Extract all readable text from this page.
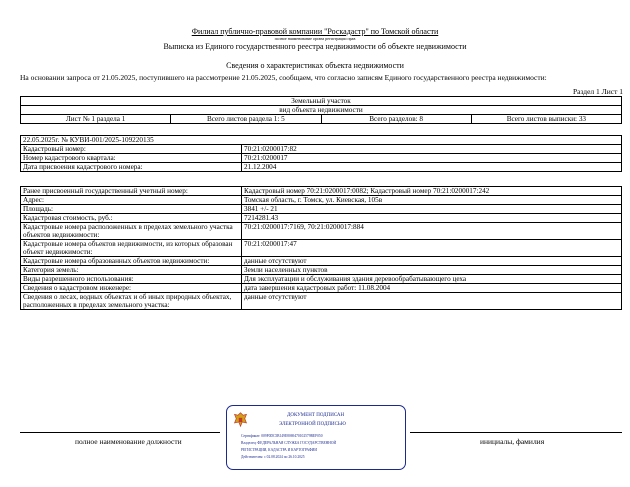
Филиал публично-правовой компании "Роскадастр" по Томской области
полное наименование органа регистрации прав
Выписка из Единого государственного реестра недвижимости об объекте недвижимости
Сведения о характеристиках объекта недвижимости
На основании запроса от 21.05.2025, поступившего на рассмотрение 21.05.2025, сообщаем, что согласно записям Единого государственного реестра недвижимости:
Раздел 1 Лист 1
Земельный участок
вид объекта недвижимости
Лист № 1 раздела 1	Всего листов раздела 1: 5	Всего разделов: 8	Всего листов выписки: 33
22.05.2025г. № КУВИ-001/2025-109220135	
Кадастровый номер:	70:21:0200017:82
Номер кадастрового квартала:	70:21:0200017
Дата присвоения кадастрового номера:	21.12.2004
Ранее присвоенный государственный учетный номер:	Кадастровый номер 70:21:0200017:0082; Кадастровый номер 70:21:0200017:242
Адрес:	Томская область, г. Томск, ул. Киевская, 105в
Площадь:	3841 +/- 21
Кадастровая стоимость, руб.:	7214281.43
Кадастровые номера расположенных в пределах земельного участка объектов недвижимости:	70:21:0200017:7169, 70:21:0200017:884
Кадастровые номера объектов недвижимости, из которых образован объект недвижимости:	70:21:0200017:47
Кадастровые номера образованных объектов недвижимости:	данные отсутствуют
Категория земель:	Земли населенных пунктов
Виды разрешенного использования:	Для эксплуатации и обслуживания здания деревообрабатывающего цеха
Сведения о кадастровом инженере:	дата завершения кадастровых работ: 11.08.2004
Сведения о лесах, водных объектах и об иных природных объектах, расположенных в пределах земельного участка:	данные отсутствуют
полное наименование должности	инициалы, фамилия
ДОКУМЕНТ ПОДПИСАН
ЭЛЕКТРОННОЙ ПОДПИСЬЮ
Сертификат: 009F0DC5B149E8069470102579BEF050
Владелец: ФЕДЕРАЛЬНАЯ СЛУЖБА ГОСУДАРСТВЕННОЙ
РЕГИСТРАЦИИ, КАДАСТРА И КАРТОГРАФИИ
Действителен: с 02.08.2024 по 26.10.2025
